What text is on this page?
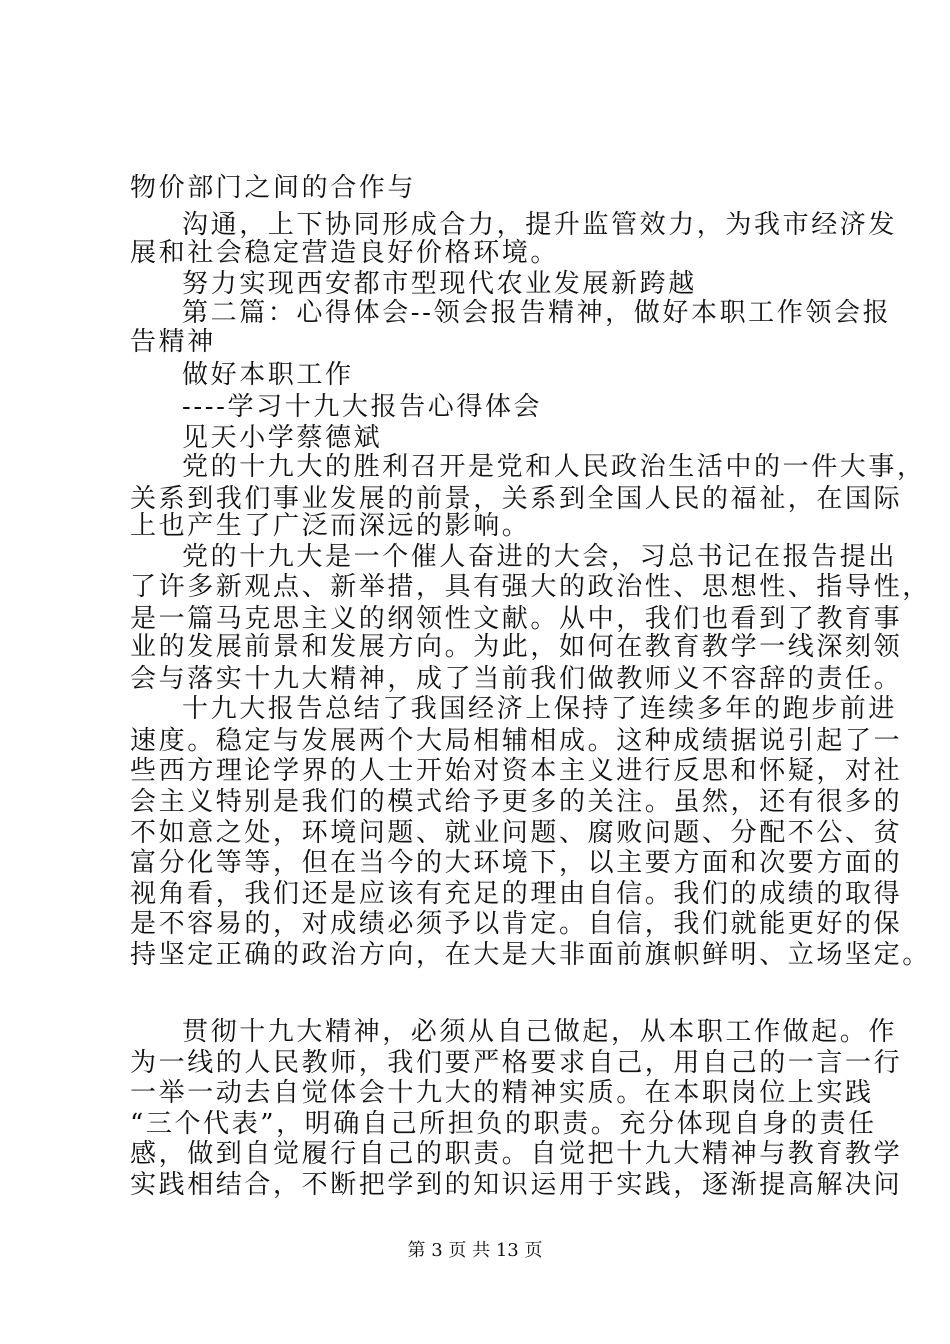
物价部门之间的合作与
沟通，上下协同形成合力，提升监管效力，为我市经济发
展和社会稳定营造良好价格环境。
努力实现西安都市型现代农业发展新跨越
第二篇：心得体会--领会报告精神，做好本职工作领会报
告精神
做好本职工作
----学习十九大报告心得体会
见天小学蔡德斌
党的十九大的胜利召开是党和人民政治生活中的一件大事，
关系到我们事业发展的前景，关系到全国人民的福祉，在国际
上也产生了广泛而深远的影响。
党的十九大是一个催人奋进的大会，习总书记在报告提出
了许多新观点、新举措，具有强大的政治性、思想性、指导性，
是一篇马克思主义的纲领性文献。从中，我们也看到了教育事
业的发展前景和发展方向。为此，如何在教育教学一线深刻领
会与落实十九大精神，成了当前我们做教师义不容辞的责任。
十九大报告总结了我国经济上保持了连续多年的跑步前进
速度。稳定与发展两个大局相辅相成。这种成绩据说引起了一
些西方理论学界的人士开始对资本主义进行反思和怀疑，对社
会主义特别是我们的模式给予更多的关注。虽然，还有很多的
不如意之处，环境问题、就业问题、腐败问题、分配不公、贫
富分化等等，但在当今的大环境下，以主要方面和次要方面的
视角看，我们还是应该有充足的理由自信。我们的成绩的取得
是不容易的，对成绩必须予以肯定。自信，我们就能更好的保
持坚定正确的政治方向，在大是大非面前旗帜鲜明、立场坚定。
贯彻十九大精神，必须从自己做起，从本职工作做起。作
为一线的人民教师，我们要严格要求自己，用自己的一言一行
一举一动去自觉体会十九大的精神实质。在本职岗位上实践
“三个代表”，明确自己所担负的职责。充分体现自身的责任
感，做到自觉履行自己的职责。自觉把十九大精神与教育教学
实践相结合，不断把学到的知识运用于实践，逐渐提高解决问
第 3 页 共 13 页
